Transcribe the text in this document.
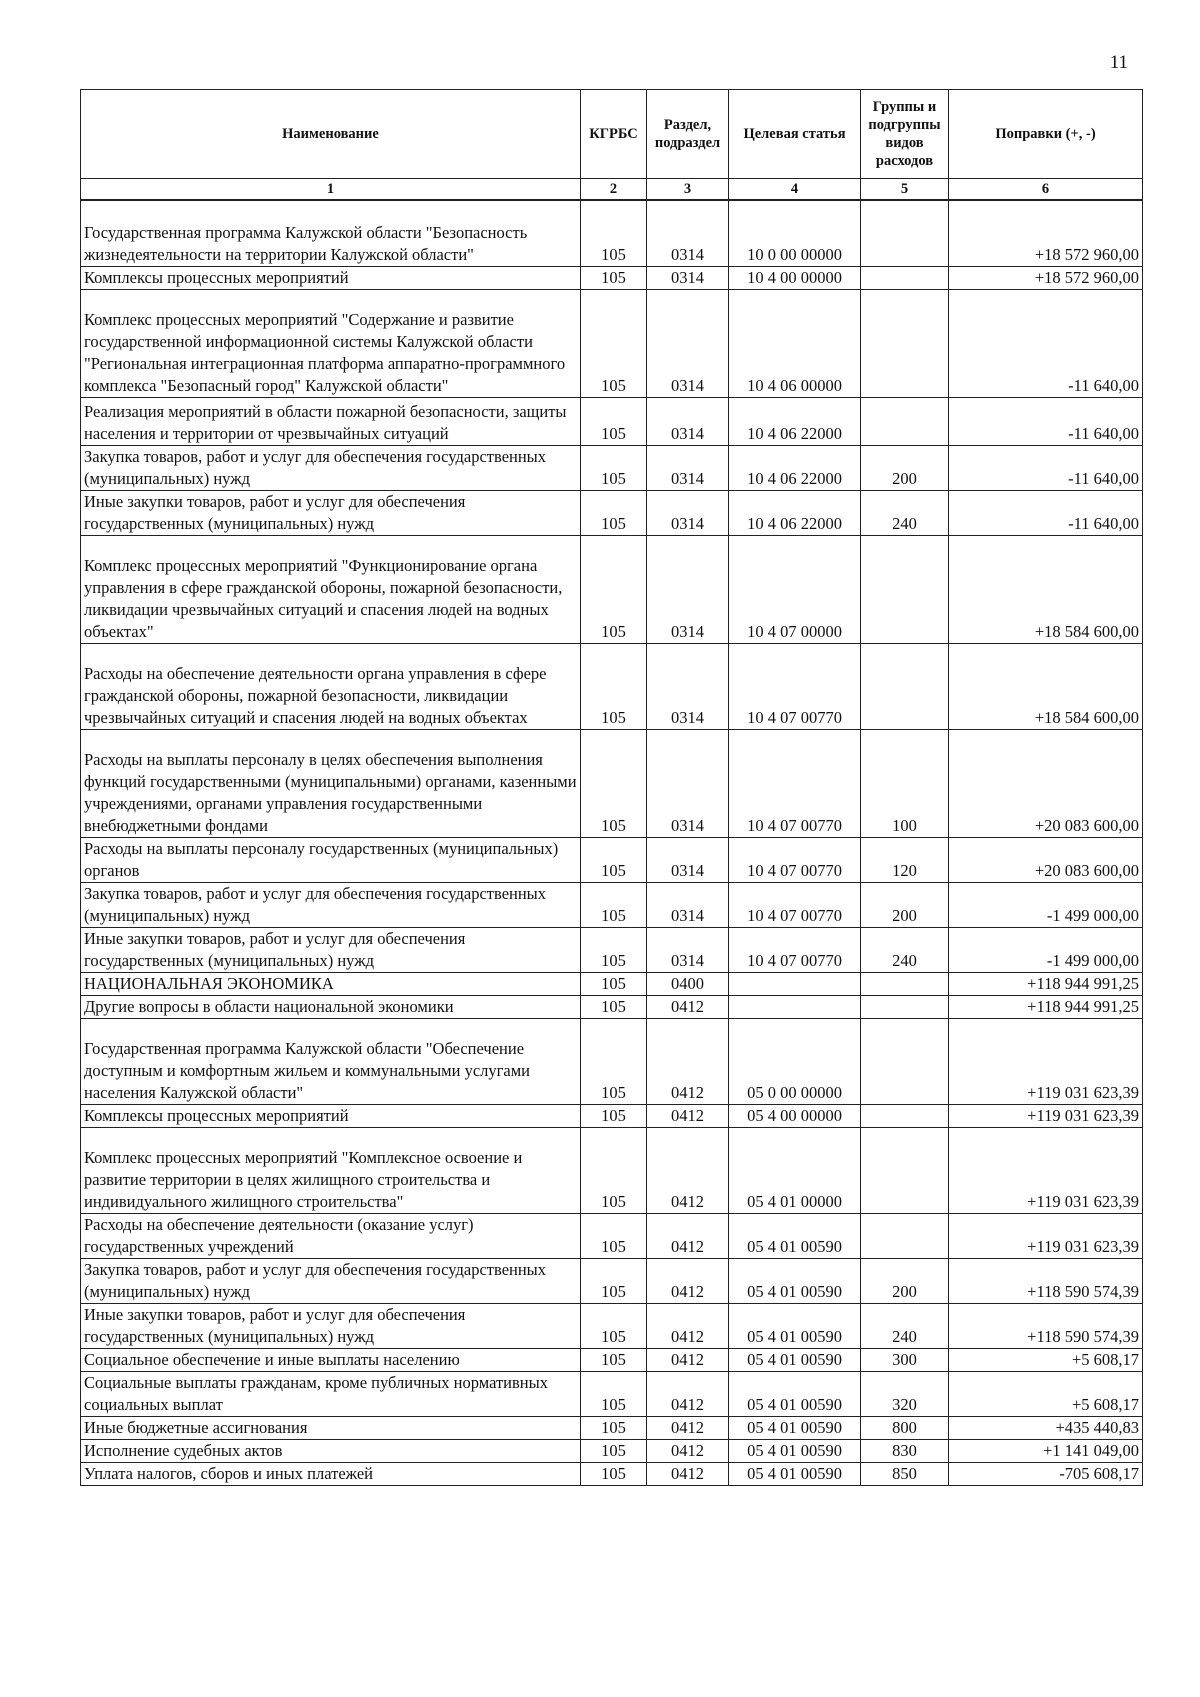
11
Наименование	КГРБС	Раздел, подраздел	Целевая статья	Группы и подгруппы видов расходов	Поправки (+, -)
1	2	3	4	5	6
Государственная программа Калужской области "Безопасность жизнедеятельности на территории Калужской области"	105	0314	10 0 00 00000		+18 572 960,00
Комплексы процессных мероприятий	105	0314	10 4 00 00000		+18 572 960,00
Комплекс процессных мероприятий "Содержание и развитие государственной информационной системы Калужской области "Региональная интеграционная платформа аппаратно-программного комплекса "Безопасный город" Калужской области"	105	0314	10 4 06 00000		-11 640,00
Реализация мероприятий в области пожарной безопасности, защиты населения и территории от чрезвычайных ситуаций	105	0314	10 4 06 22000		-11 640,00
Закупка товаров, работ и услуг для обеспечения государственных (муниципальных) нужд	105	0314	10 4 06 22000	200	-11 640,00
Иные закупки товаров, работ и услуг для обеспечения государственных (муниципальных) нужд	105	0314	10 4 06 22000	240	-11 640,00
Комплекс процессных мероприятий "Функционирование органа управления в сфере гражданской обороны, пожарной безопасности, ликвидации чрезвычайных ситуаций и спасения людей на водных объектах"	105	0314	10 4 07 00000		+18 584 600,00
Расходы на обеспечение деятельности органа управления в сфере гражданской обороны, пожарной безопасности, ликвидации чрезвычайных ситуаций и спасения людей на водных объектах	105	0314	10 4 07 00770		+18 584 600,00
Расходы на выплаты персоналу в целях обеспечения выполнения функций государственными (муниципальными) органами, казенными учреждениями, органами управления государственными внебюджетными фондами	105	0314	10 4 07 00770	100	+20 083 600,00
Расходы на выплаты персоналу государственных (муниципальных) органов	105	0314	10 4 07 00770	120	+20 083 600,00
Закупка товаров, работ и услуг для обеспечения государственных (муниципальных) нужд	105	0314	10 4 07 00770	200	-1 499 000,00
Иные закупки товаров, работ и услуг для обеспечения государственных (муниципальных) нужд	105	0314	10 4 07 00770	240	-1 499 000,00
НАЦИОНАЛЬНАЯ ЭКОНОМИКА	105	0400			+118 944 991,25
Другие вопросы в области национальной экономики	105	0412			+118 944 991,25
Государственная программа Калужской области "Обеспечение доступным и комфортным жильем и коммунальными услугами населения Калужской области"	105	0412	05 0 00 00000		+119 031 623,39
Комплексы процессных мероприятий	105	0412	05 4 00 00000		+119 031 623,39
Комплекс процессных мероприятий "Комплексное освоение и развитие территории в целях жилищного строительства и индивидуального жилищного строительства"	105	0412	05 4 01 00000		+119 031 623,39
Расходы на обеспечение деятельности (оказание услуг) государственных учреждений	105	0412	05 4 01 00590		+119 031 623,39
Закупка товаров, работ и услуг для обеспечения государственных (муниципальных) нужд	105	0412	05 4 01 00590	200	+118 590 574,39
Иные закупки товаров, работ и услуг для обеспечения государственных (муниципальных) нужд	105	0412	05 4 01 00590	240	+118 590 574,39
Социальное обеспечение и иные выплаты населению	105	0412	05 4 01 00590	300	+5 608,17
Социальные выплаты гражданам, кроме публичных нормативных социальных выплат	105	0412	05 4 01 00590	320	+5 608,17
Иные бюджетные ассигнования	105	0412	05 4 01 00590	800	+435 440,83
Исполнение судебных актов	105	0412	05 4 01 00590	830	+1 141 049,00
Уплата налогов, сборов и иных платежей	105	0412	05 4 01 00590	850	-705 608,17
